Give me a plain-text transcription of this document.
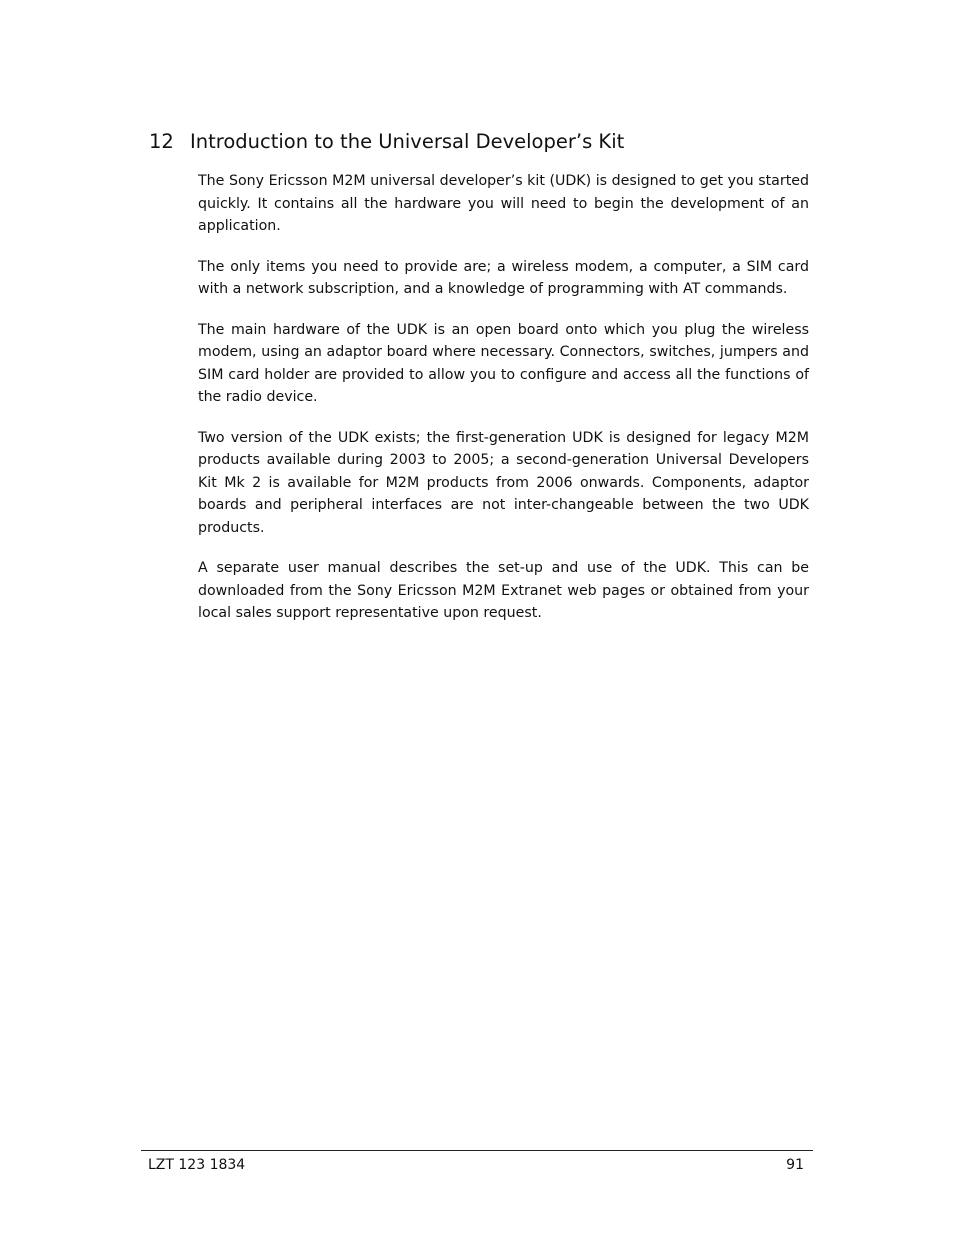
12 Introduction to the Universal Developer’s Kit

The Sony Ericsson M2M universal developer’s kit (UDK) is designed to get you started quickly. It contains all the hardware you will need to begin the development of an application.

The only items you need to provide are; a wireless modem, a computer, a SIM card with a network subscription, and a knowledge of programming with AT commands.

The main hardware of the UDK is an open board onto which you plug the wireless modem, using an adaptor board where necessary. Connectors, switches, jumpers and SIM card holder are provided to allow you to configure and access all the functions of the radio device.

Two version of the UDK exists; the first-generation UDK is designed for legacy M2M products available during 2003 to 2005; a second-generation Universal Developers Kit Mk 2 is available for M2M products from 2006 onwards. Components, adaptor boards and peripheral interfaces are not inter-changeable between the two UDK products.

A separate user manual describes the set-up and use of the UDK. This can be downloaded from the Sony Ericsson M2M Extranet web pages or obtained from your local sales support representative upon request.

LZT 123 1834	91
